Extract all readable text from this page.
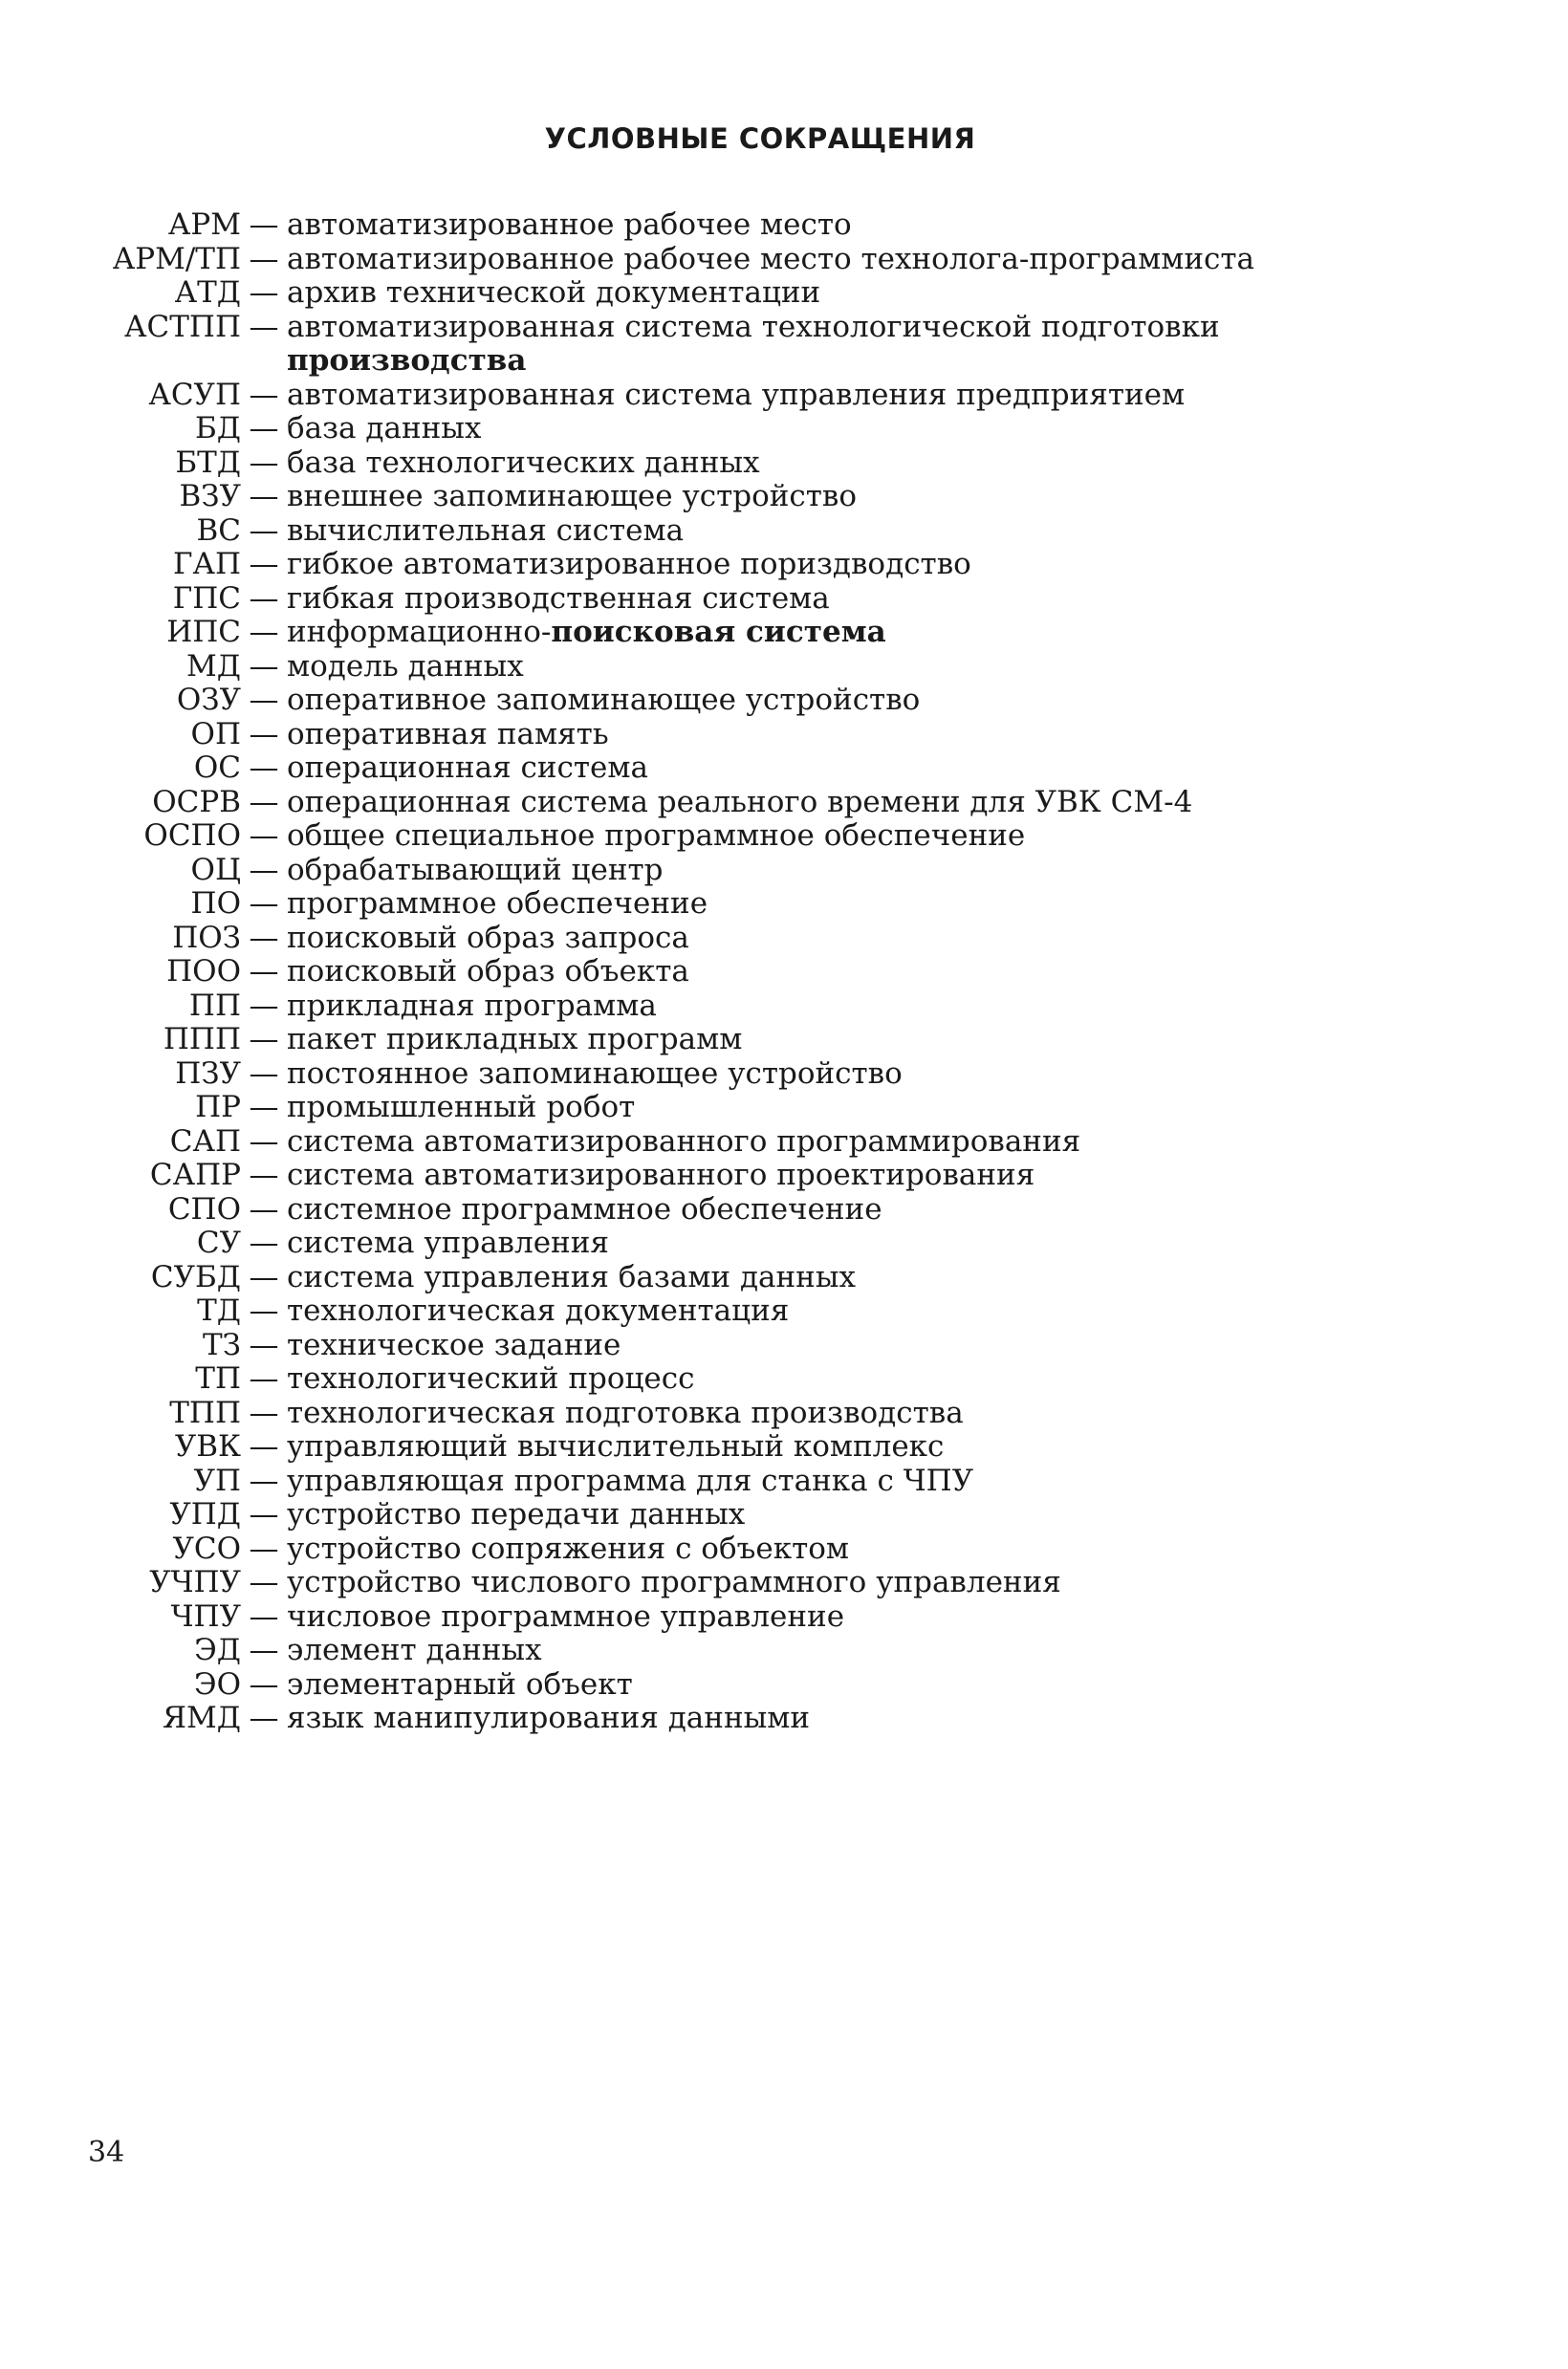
УСЛОВНЫЕ СОКРАЩЕНИЯ
АРМ — автоматизированное рабочее место
АРМ/ТП — автоматизированное рабочее место технолога-программиста
АТД — архив технической документации
АСТПП — автоматизированная система технологической подготовки производства
АСУП — автоматизированная система управления предприятием
БД — база данных
БТД — база технологических данных
ВЗУ — внешнее запоминающее устройство
ВС — вычислительная система
ГАП — гибкое автоматизированное пориздводство
ГПС — гибкая производственная система
ИПС — информационно-поисковая система
МД — модель данных
ОЗУ — оперативное запоминающее устройство
ОП — оперативная память
ОС — операционная система
ОСРВ — операционная система реального времени для УВК СМ-4
ОСПО — общее специальное программное обеспечение
ОЦ — обрабатывающий центр
ПО — программное обеспечение
ПОЗ — поисковый образ запроса
ПОО — поисковый образ объекта
ПП — прикладная программа
ППП — пакет прикладных программ
ПЗУ — постоянное запоминающее устройство
ПР — промышленный робот
САП — система автоматизированного программирования
САПР — система автоматизированного проектирования
СПО — системное программное обеспечение
СУ — система управления
СУБД — система управления базами данных
ТД — технологическая документация
ТЗ — техническое задание
ТП — технологический процесс
ТПП — технологическая подготовка производства
УВК — управляющий вычислительный комплекс
УП — управляющая программа для станка с ЧПУ
УПД — устройство передачи данных
УСО — устройство сопряжения с объектом
УЧПУ — устройство числового программного управления
ЧПУ — числовое программное управление
ЭД — элемент данных
ЭО — элементарный объект
ЯМД — язык манипулирования данными
34
